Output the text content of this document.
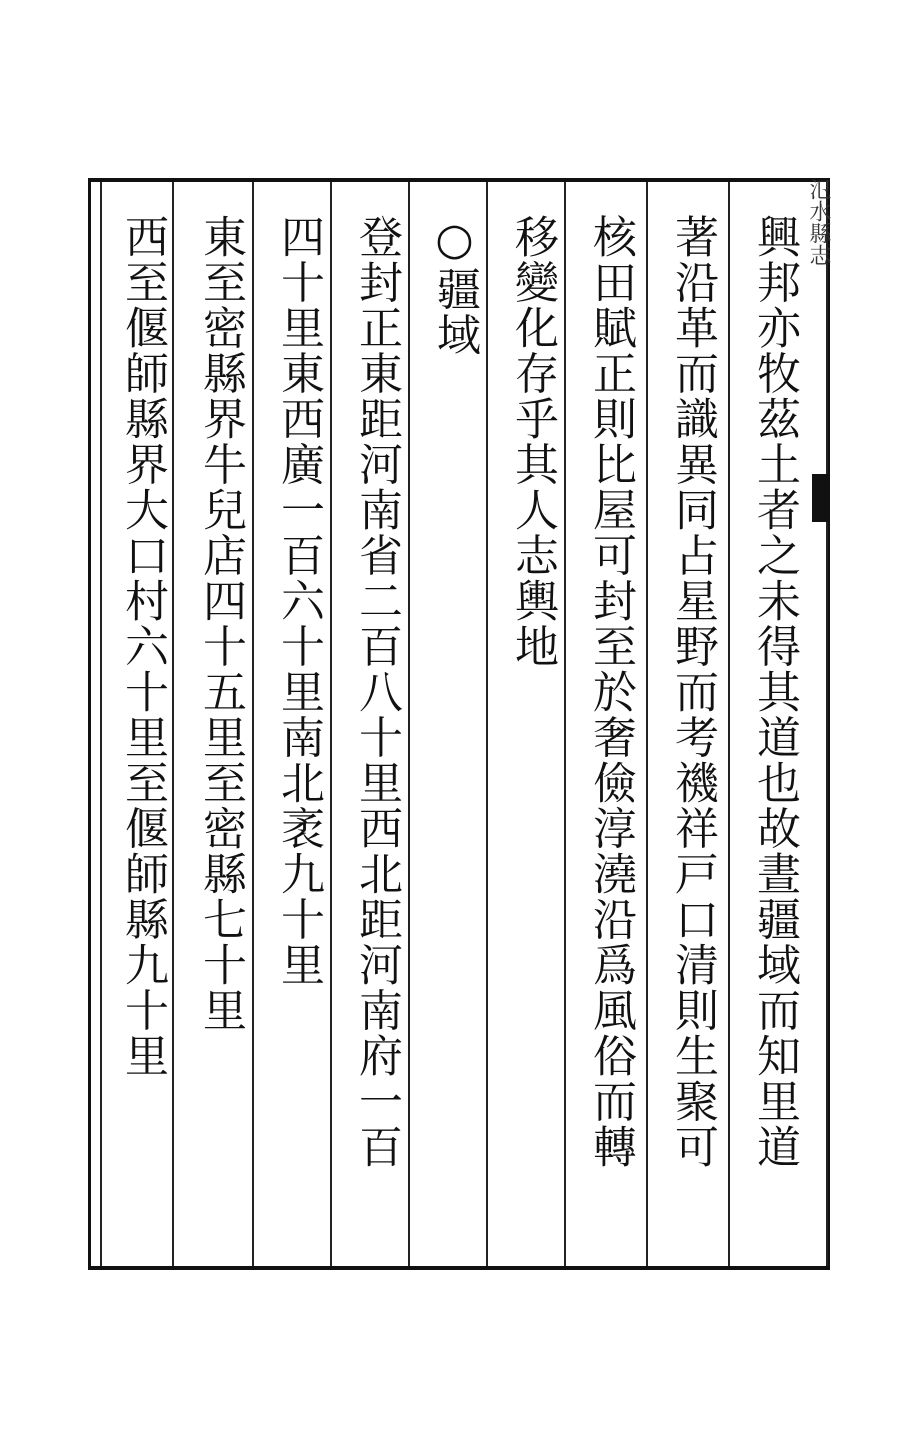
氾水縣志
興邦亦牧茲土者之未得其道也故晝疆域而知里道
著沿革而識異同占星野而考禨祥戸口清則生聚可
核田賦正則比屋可封至於奢儉淳澆沿爲風俗而轉
移變化存乎其人志輿地
○疆域
登封正東距河南省二百八十里西北距河南府一百
四十里東西廣一百六十里南北袤九十里
東至密縣界牛兒店四十五里至密縣七十里
西至偃師縣界大口村六十里至偃師縣九十里
